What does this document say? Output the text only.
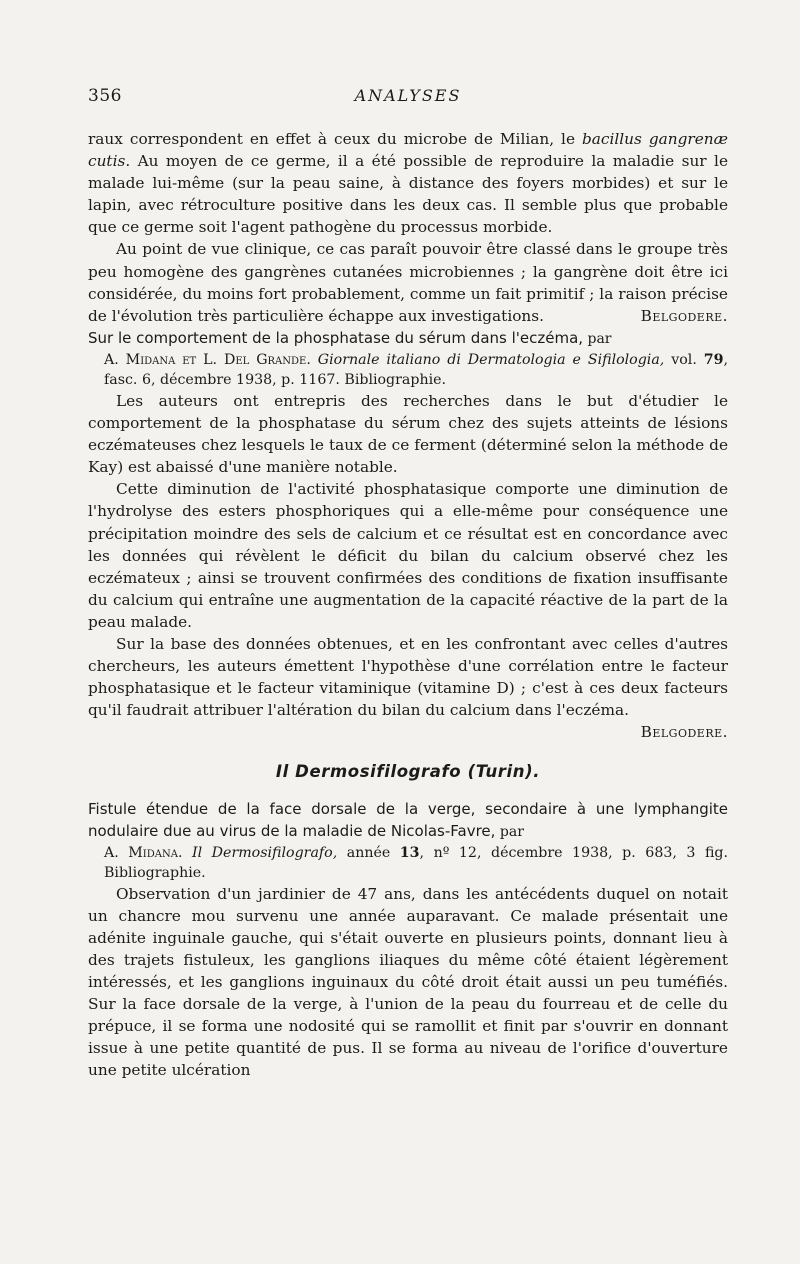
356	ANALYSES

raux correspondent en effet à ceux du microbe de Milian, le bacillus gangrenæ cutis. Au moyen de ce germe, il a été possible de reproduire la maladie sur le malade lui-même (sur la peau saine, à distance des foyers morbides) et sur le lapin, avec rétroculture positive dans les deux cas. Il semble plus que probable que ce germe soit l'agent pathogène du processus morbide.

Au point de vue clinique, ce cas paraît pouvoir être classé dans le groupe très peu homogène des gangrènes cutanées microbiennes ; la gangrène doit être ici considérée, du moins fort probablement, comme un fait primitif ; la raison précise de l'évolution très particulière échappe aux investigations.	Belgodere.

Sur le comportement de la phosphatase du sérum dans l'eczéma, par

A. Midana et L. Del Grande. Giornale italiano di Dermatologia e Sifilologia, vol. 79, fasc. 6, décembre 1938, p. 1167. Bibliographie.

Les auteurs ont entrepris des recherches dans le but d'étudier le comportement de la phosphatase du sérum chez des sujets atteints de lésions eczémateuses chez lesquels le taux de ce ferment (déterminé selon la méthode de Kay) est abaissé d'une manière notable.

Cette diminution de l'activité phosphatasique comporte une diminution de l'hydrolyse des esters phosphoriques qui a elle-même pour conséquence une précipitation moindre des sels de calcium et ce résultat est en concordance avec les données qui révèlent le déficit du bilan du calcium observé chez les eczémateux ; ainsi se trouvent confirmées des conditions de fixation insuffisante du calcium qui entraîne une augmentation de la capacité réactive de la part de la peau malade.

Sur la base des données obtenues, et en les confrontant avec celles d'autres chercheurs, les auteurs émettent l'hypothèse d'une corrélation entre le facteur phosphatasique et le facteur vitaminique (vitamine D) ; c'est à ces deux facteurs qu'il faudrait attribuer l'altération du bilan du calcium dans l'eczéma.
Belgodere.

Il Dermosifilografo (Turin).

Fistule étendue de la face dorsale de la verge, secondaire à une lymphangite nodulaire due au virus de la maladie de Nicolas-Favre, par

A. Midana. Il Dermosifilografo, année 13, nº 12, décembre 1938, p. 683, 3 fig. Bibliographie.

Observation d'un jardinier de 47 ans, dans les antécédents duquel on notait un chancre mou survenu une année auparavant. Ce malade présentait une adénite inguinale gauche, qui s'était ouverte en plusieurs points, donnant lieu à des trajets fistuleux, les ganglions iliaques du même côté étaient légèrement intéressés, et les ganglions inguinaux du côté droit était aussi un peu tuméfiés. Sur la face dorsale de la verge, à l'union de la peau du fourreau et de celle du prépuce, il se forma une nodosité qui se ramollit et finit par s'ouvrir en donnant issue à une petite quantité de pus. Il se forma au niveau de l'orifice d'ouverture une petite ulcération
